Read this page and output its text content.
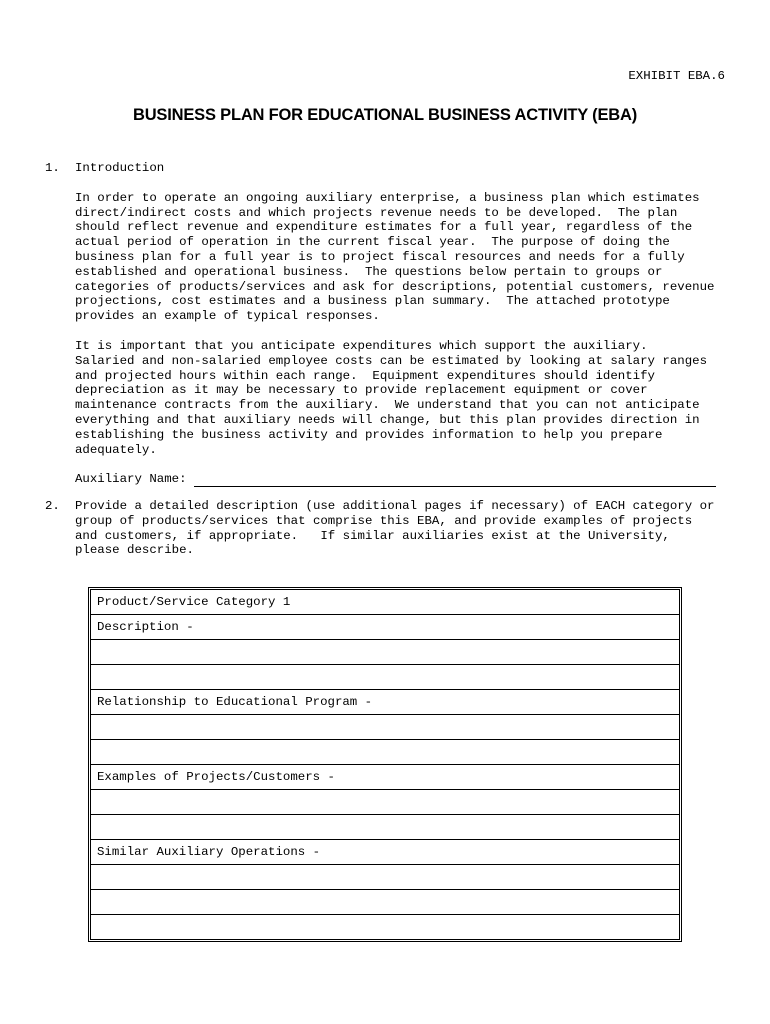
EXHIBIT EBA.6
BUSINESS PLAN FOR EDUCATIONAL BUSINESS ACTIVITY (EBA)
1. Introduction

In order to operate an ongoing auxiliary enterprise, a business plan which estimates
direct/indirect costs and which projects revenue needs to be developed.  The plan
should reflect revenue and expenditure estimates for a full year, regardless of the
actual period of operation in the current fiscal year.  The purpose of doing the
business plan for a full year is to project fiscal resources and needs for a fully
established and operational business.  The questions below pertain to groups or
categories of products/services and ask for descriptions, potential customers, revenue
projections, cost estimates and a business plan summary.  The attached prototype
provides an example of typical responses.

It is important that you anticipate expenditures which support the auxiliary.
Salaried and non-salaried employee costs can be estimated by looking at salary ranges
and projected hours within each range.  Equipment expenditures should identify
depreciation as it may be necessary to provide replacement equipment or cover
maintenance contracts from the auxiliary.  We understand that you can not anticipate
everything and that auxiliary needs will change, but this plan provides direction in
establishing the business activity and provides information to help you prepare
adequately.

Auxiliary Name:
2. Provide a detailed description (use additional pages if necessary) of EACH category or
group of products/services that comprise this EBA, and provide examples of projects
and customers, if appropriate.   If similar auxiliaries exist at the University,
please describe.
Product/Service Category 1
Description -

Relationship to Educational Program -

Examples of Projects/Customers -

Similar Auxiliary Operations -
